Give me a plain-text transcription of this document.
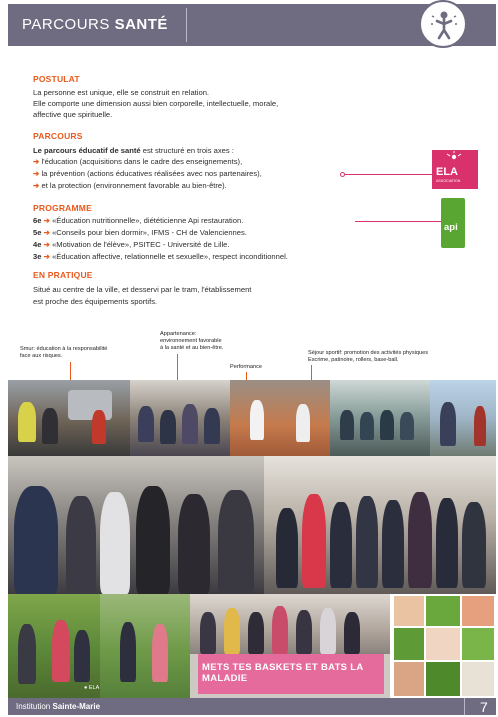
PARCOURS SANTÉ
POSTULAT
La personne est unique, elle se construit en relation.
Elle comporte une dimension aussi bien corporelle, intellectuelle, morale,
affective que spirituelle.
PARCOURS
Le parcours éducatif de santé est structuré en trois axes :
➔ l'éducation (acquisitions dans le cadre des enseignements),
➔ la prévention (actions éducatives réalisées avec nos partenaires),
➔ et la protection (environnement favorable au bien-être).
ELA
ASSOCIATION
PROGRAMME
6e ➔ «Éducation nutritionnelle», diététicienne Api restauration.
5e ➔ «Conseils pour bien dormir», IFMS - CH de Valenciennes.
4e ➔ «Motivation de l'élève», PSITEC - Université de Lille.
3e ➔ «Éducation affective, relationnelle et sexuelle», respect inconditionnel.
api
EN PRATIQUE
Situé au centre de la ville, et desservi par le tram, l'établissement
est proche des équipements sportifs.
Smur: éducation à la responsabilité
face aux risques.
Appartenance:
environnement favorable
à la santé et au bien-être.
Performance
Séjour sportif: promotion des activités physiques
Escrime, patinoire, rollers, base-ball.
METS TES BASKETS ET BATS LA MALADIE
● ELA
Institution Sainte-Marie	7
